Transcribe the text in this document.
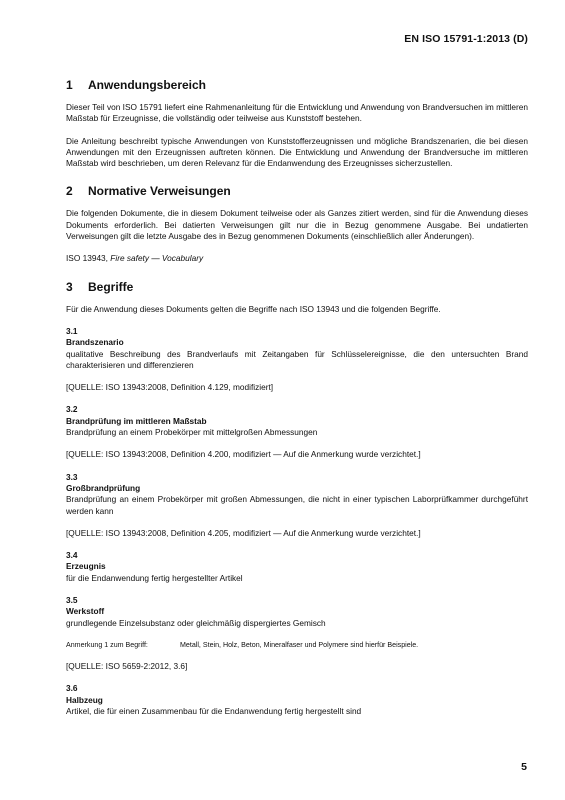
EN ISO 15791-1:2013 (D)
1	Anwendungsbereich

Dieser Teil von ISO 15791 liefert eine Rahmenanleitung für die Entwicklung und Anwendung von Brandversuchen im mittleren Maßstab für Erzeugnisse, die vollständig oder teilweise aus Kunststoff bestehen.

Die Anleitung beschreibt typische Anwendungen von Kunststofferzeugnissen und mögliche Brandszenarien, die bei diesen Anwendungen mit den Erzeugnissen auftreten können. Die Entwicklung und Anwendung der Brandversuche im mittleren Maßstab wird beschrieben, um deren Relevanz für die Endanwendung des Erzeugnisses sicherzustellen.

2	Normative Verweisungen

Die folgenden Dokumente, die in diesem Dokument teilweise oder als Ganzes zitiert werden, sind für die Anwendung dieses Dokuments erforderlich. Bei datierten Verweisungen gilt nur die in Bezug genommene Ausgabe. Bei undatierten Verweisungen gilt die letzte Ausgabe des in Bezug genommenen Dokuments (einschließlich aller Änderungen).

ISO 13943, Fire safety — Vocabulary

3	Begriffe

Für die Anwendung dieses Dokuments gelten die Begriffe nach ISO 13943 und die folgenden Begriffe.

3.1

Brandszenario

qualitative Beschreibung des Brandverlaufs mit Zeitangaben für Schlüsselereignisse, die den untersuchten Brand charakterisieren und differenzieren

[QUELLE: ISO 13943:2008, Definition 4.129, modifiziert]

3.2

Brandprüfung im mittleren Maßstab

Brandprüfung an einem Probekörper mit mittelgroßen Abmessungen

[QUELLE: ISO 13943:2008, Definition 4.200, modifiziert — Auf die Anmerkung wurde verzichtet.]

3.3

Großbrandprüfung

Brandprüfung an einem Probekörper mit großen Abmessungen, die nicht in einer typischen Laborprüfkammer durchgeführt werden kann

[QUELLE: ISO 13943:2008, Definition 4.205, modifiziert — Auf die Anmerkung wurde verzichtet.]

3.4

Erzeugnis

für die Endanwendung fertig hergestellter Artikel

3.5

Werkstoff

grundlegende Einzelsubstanz oder gleichmäßig dispergiertes Gemisch

Anmerkung 1 zum Begriff:	Metall, Stein, Holz, Beton, Mineralfaser und Polymere sind hierfür Beispiele.

[QUELLE: ISO 5659-2:2012, 3.6]

3.6

Halbzeug

Artikel, die für einen Zusammenbau für die Endanwendung fertig hergestellt sind

5
